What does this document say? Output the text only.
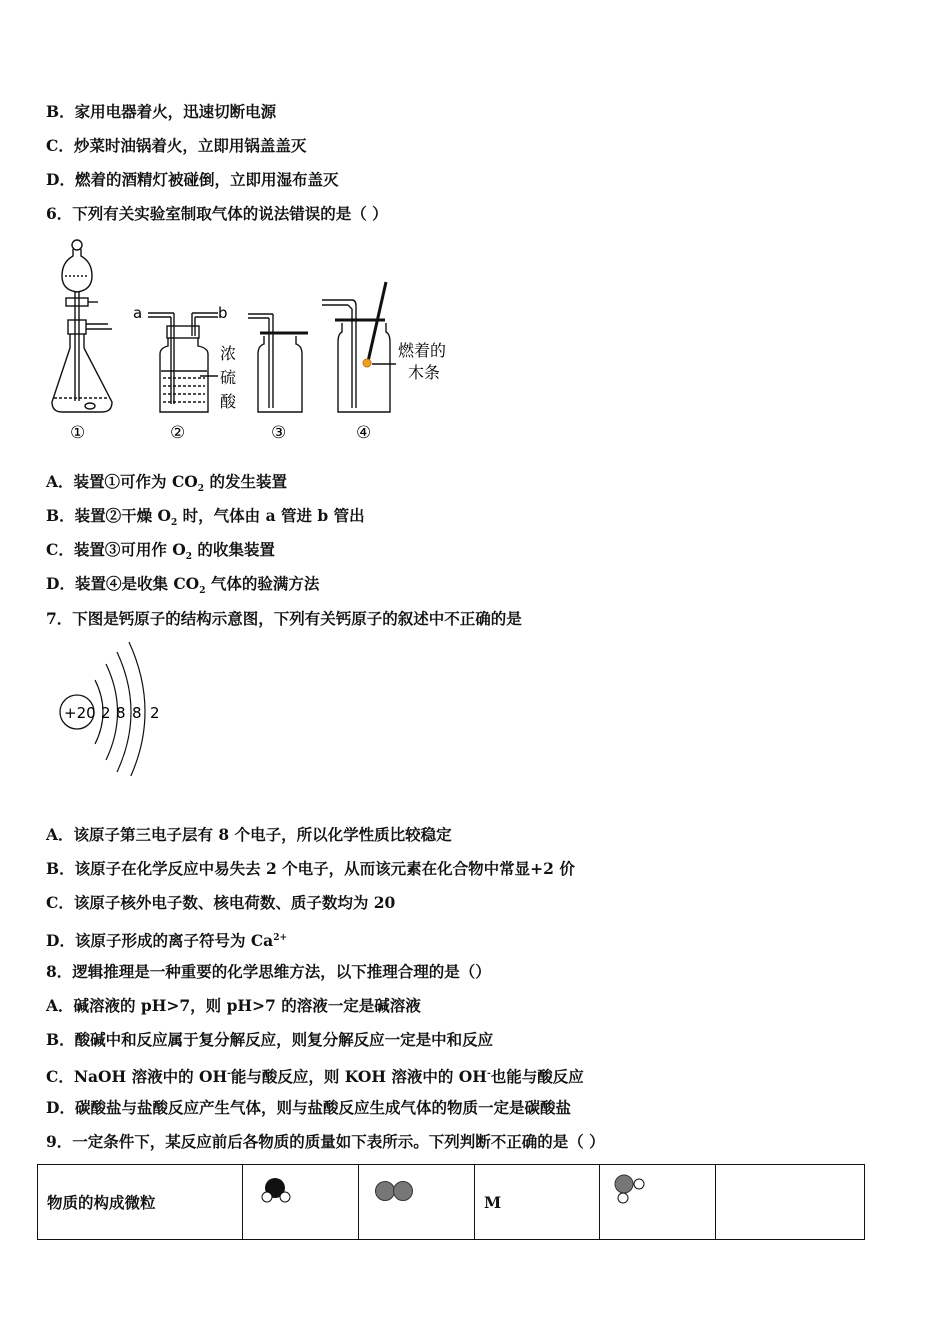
B．家用电器着火，迅速切断电源
C．炒菜时油锅着火，立即用锅盖盖灭
D．燃着的酒精灯被碰倒，立即用湿布盖灭
6．下列有关实验室制取气体的说法错误的是（ ）
a	b
浓
硫
酸
燃着的
木条
①	②	③	④
A．装置①可作为 $CO_2$ 的发生装置
B．装置②干燥 $O_2$ 时，气体由 a 管进 b 管出
C．装置③可用作 $O_2$ 的收集装置
D．装置④是收集 $CO_2$ 气体的验满方法
7．下图是钙原子的结构示意图，下列有关钙原子的叙述中不正确的是
+20 2 8 8 2
A．该原子第三电子层有 8 个电子，所以化学性质比较稳定
B．该原子在化学反应中易失去 2 个电子，从而该元素在化合物中常显+2 价
C．该原子核外电子数、核电荷数、质子数均为 20
D．该原子形成的离子符号为 $Ca^{2+}$
8．逻辑推理是一种重要的化学思维方法，以下推理合理的是（）
A．碱溶液的 pH>7，则 pH>7 的溶液一定是碱溶液
B．酸碱中和反应属于复分解反应，则复分解反应一定是中和反应
C．NaOH 溶液中的 OH-能与酸反应，则 KOH 溶液中的 OH-也能与酸反应
D．碳酸盐与盐酸反应产生气体，则与盐酸反应生成气体的物质一定是碳酸盐
9．一定条件下，某反应前后各物质的质量如下表所示。下列判断不正确的是（ ）
物质的构成微粒			M		
